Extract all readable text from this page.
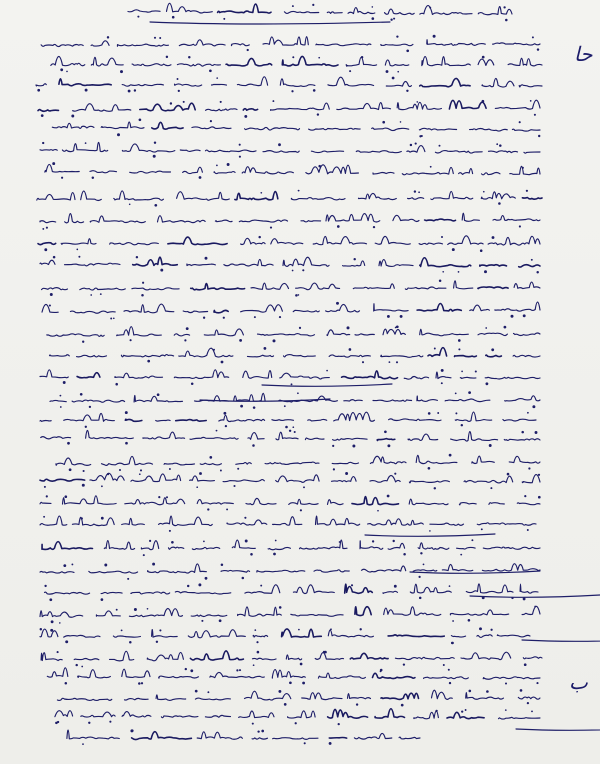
حا
ب
